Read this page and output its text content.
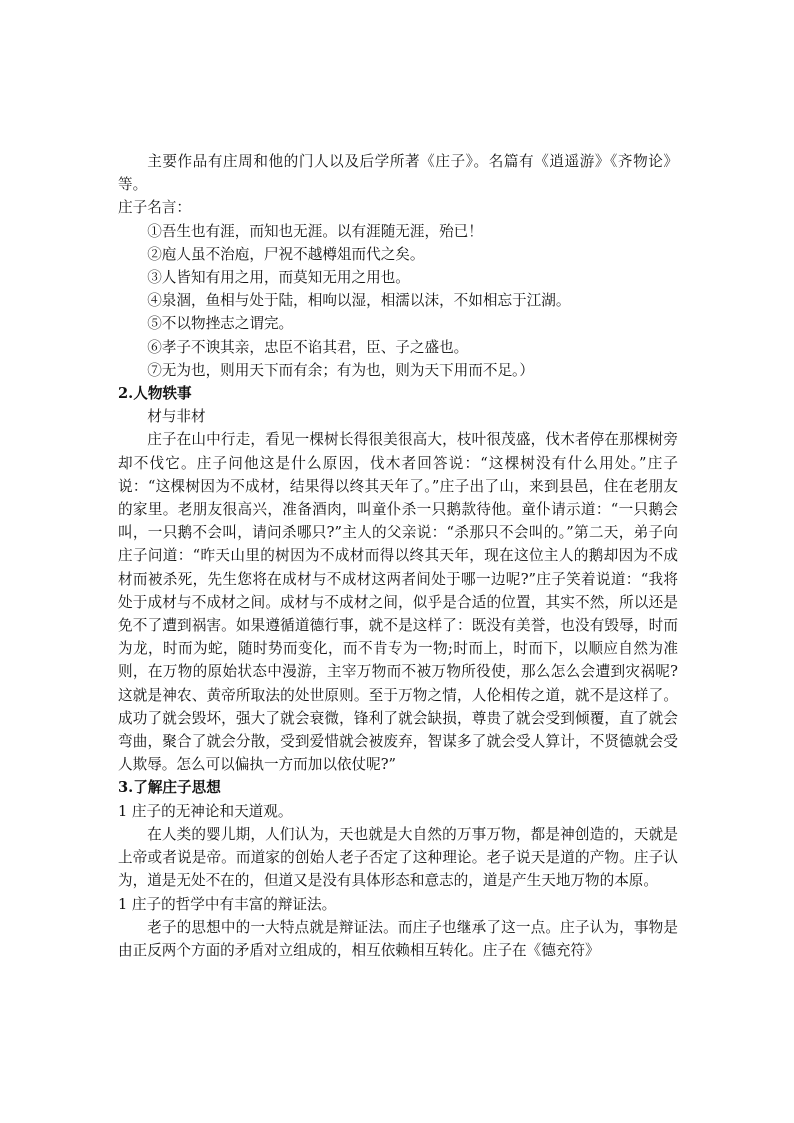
主要作品有庄周和他的门人以及后学所著《庄子》。名篇有《逍遥游》《齐物论》等。

庄子名言：

①吾生也有涯，而知也无涯。以有涯随无涯，殆已！

②庖人虽不治庖，尸祝不越樽俎而代之矣。

③人皆知有用之用，而莫知无用之用也。

④泉涸，鱼相与处于陆，相呴以湿，相濡以沫，不如相忘于江湖。

⑤不以物挫志之谓完。

⑥孝子不谀其亲，忠臣不谄其君，臣、子之盛也。

⑦无为也，则用天下而有余；有为也，则为天下用而不足。）

2.人物轶事

材与非材

庄子在山中行走，看见一棵树长得很美很高大，枝叶很茂盛，伐木者停在那棵树旁却不伐它。庄子问他这是什么原因，伐木者回答说：“这棵树没有什么用处。”庄子说：“这棵树因为不成材，结果得以终其天年了。”庄子出了山，来到县邑，住在老朋友的家里。老朋友很高兴，准备酒肉，叫童仆杀一只鹅款待他。童仆请示道：“一只鹅会叫，一只鹅不会叫，请问杀哪只?”主人的父亲说：“杀那只不会叫的。”第二天，弟子向庄子问道：“昨天山里的树因为不成材而得以终其天年，现在这位主人的鹅却因为不成材而被杀死，先生您将在成材与不成材这两者间处于哪一边呢?”庄子笑着说道：“我将处于成材与不成材之间。成材与不成材之间，似乎是合适的位置，其实不然，所以还是免不了遭到祸害。如果遵循道德行事，就不是这样了：既没有美誉，也没有毁辱，时而为龙，时而为蛇，随时势而变化，而不肯专为一物;时而上，时而下，以顺应自然为准则，在万物的原始状态中漫游，主宰万物而不被万物所役使，那么怎么会遭到灾祸呢?这就是神农、黄帝所取法的处世原则。至于万物之情，人伦相传之道，就不是这样了。成功了就会毁坏，强大了就会衰微，锋利了就会缺损，尊贵了就会受到倾覆，直了就会弯曲，聚合了就会分散，受到爱惜就会被废弃，智谋多了就会受人算计，不贤德就会受人欺辱。怎么可以偏执一方而加以依仗呢?”

3.了解庄子思想

1 庄子的无神论和天道观。

在人类的婴儿期，人们认为，天也就是大自然的万事万物，都是神创造的，天就是上帝或者说是帝。而道家的创始人老子否定了这种理论。老子说天是道的产物。庄子认为，道是无处不在的，但道又是没有具体形态和意志的，道是产生天地万物的本原。

1 庄子的哲学中有丰富的辩证法。

老子的思想中的一大特点就是辩证法。而庄子也继承了这一点。庄子认为，事物是由正反两个方面的矛盾对立组成的，相互依赖相互转化。庄子在《德充符》
